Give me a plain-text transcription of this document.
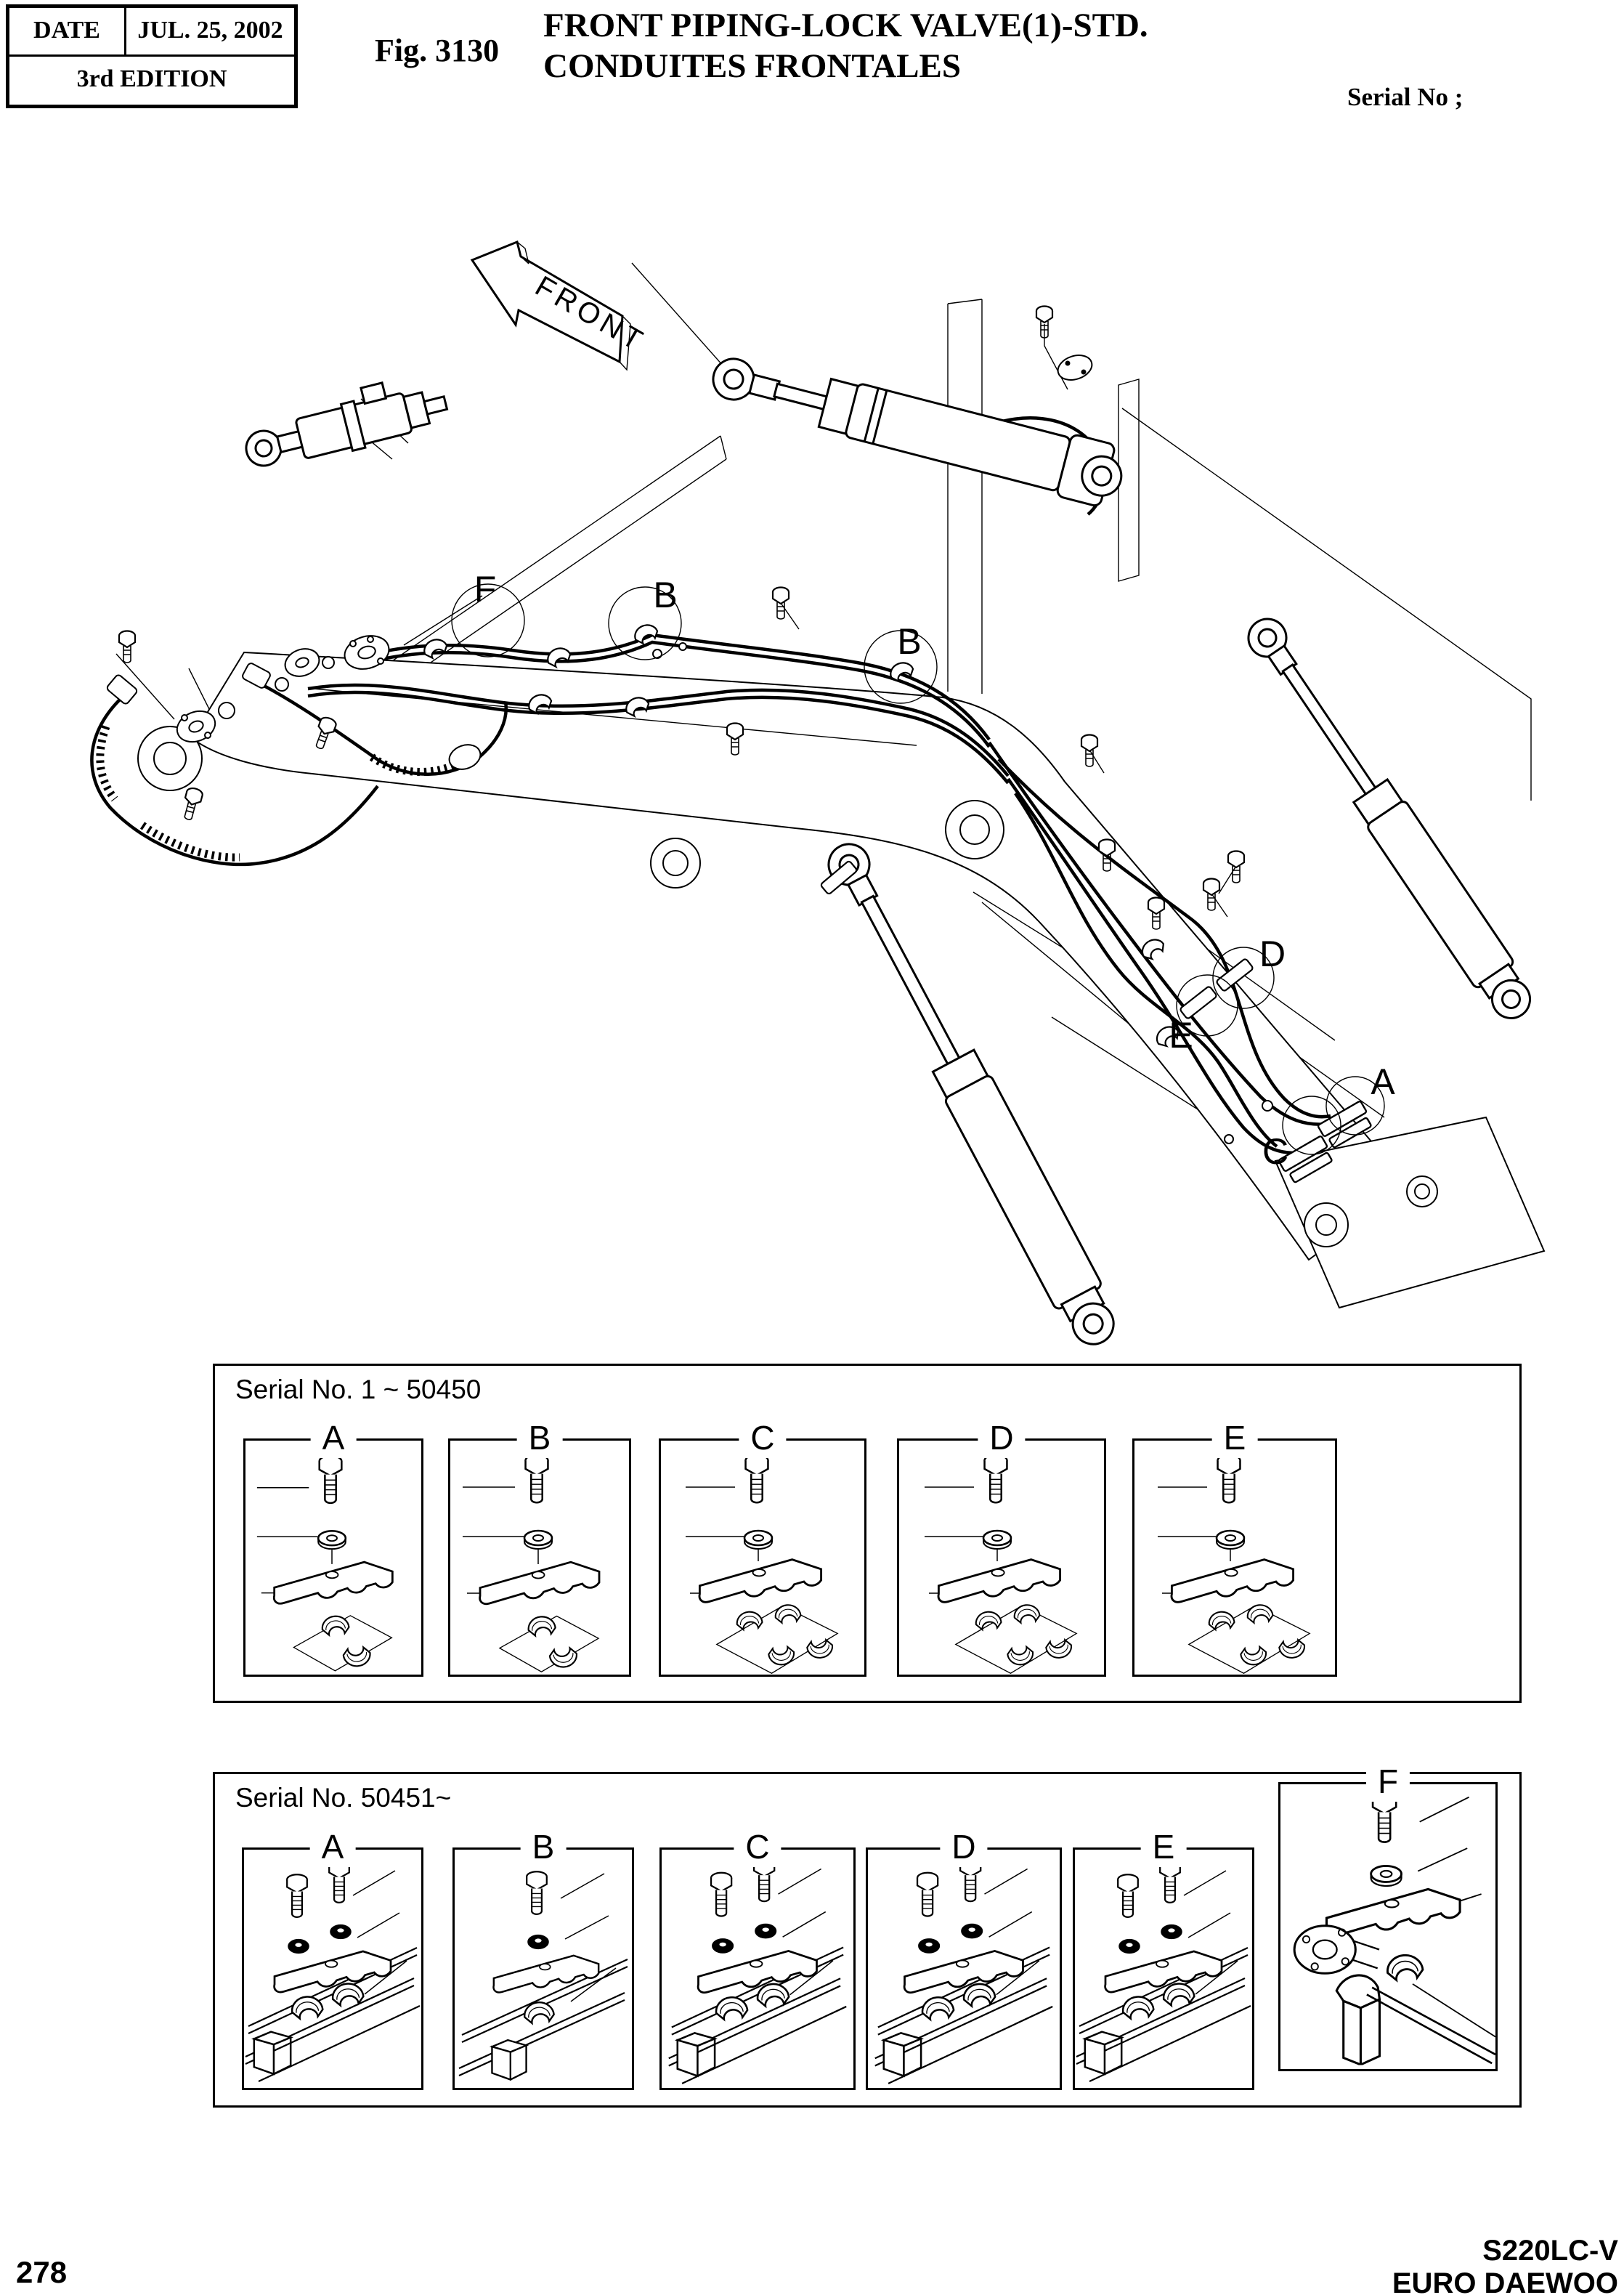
DATE	JUL. 25, 2002
3rd EDITION
Fig. 3130
FRONT PIPING-LOCK VALVE(1)-STD.
CONDUITES FRONTALES
Serial No ;
F	B
B
D
E
A
C
FRONT
Serial No. 1 ~ 50450
A	B	C	D	E
Serial No. 50451~
A	B	C	D	E
F
278
S220LC-V
EURO DAEWOO
